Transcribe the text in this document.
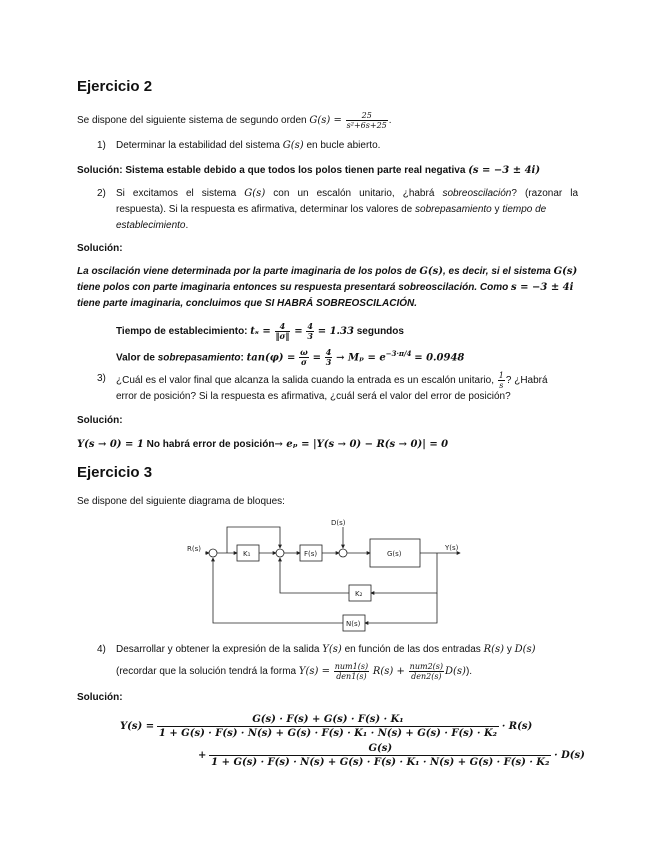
Ejercicio 2
Se dispone del siguiente sistema de segundo orden $G(s) = \frac{25}{\text{s²+6s+25}}$ .
1) Determinar la estabilidad del sistema G(s) en bucle abierto.
Solución: Sistema estable debido a que todos los polos tienen parte real negativa (s = −3 ± 4i)
2) Si excitamos el sistema G(s) con un escalón unitario, ¿habrá sobreoscilación? (razonar la
respuesta). Si la respuesta es afirmativa, determinar los valores de sobrepasamiento y tiempo de
establecimiento.
Solución:
La oscilación viene determinada por la parte imaginaria de los polos de G(s), es decir, si el sistema G(s)
tiene polos con parte imaginaria entonces su respuesta presentará sobreoscilación. Como s = −3 ± 4i
tiene parte imaginaria, concluimos que SI HABRÁ SOBREOSCILACIÓN.
Tiempo de establecimiento: $t_s = \frac{4}{‖\sigma‖} = \frac{4}{3} = 1.33$ segundos
Valor de sobrepasamiento: $\tan(\varphi) = \frac{\omega}{\sigma} = \frac{4}{3} \to M_p = e^{-3\cdot\pi/4} = 0.0948$
3) ¿Cuál es el valor final que alcanza la salida cuando la entrada es un escalón unitario, $\frac{1}{s}$ ? ¿Habrá
error de posición? Si la respuesta es afirmativa, ¿cuál será el valor del error de posición?
Solución:
Y(s → 0) = 1 No habrá error de posición→ eₚ = |Y(s → 0) − R(s → 0)| = 0
Ejercicio 3
Se dispone del siguiente diagrama de bloques:
R(s)
K₁	F(s)
D(s)
G(s)
Y(s)
K₂
N(s)
4) Desarrollar y obtener la expresión de la salida Y(s) en función de las dos entradas R(s) y D(s)
(recordar que la solución tendrá la forma $Y(s) = \frac{\text{num1(s)}}{\text{den1(s)}} R(s) + \frac{\text{num2(s)}}{\text{den2(s)}} D(s)$).
Solución:
Y(s) =
G(s) · F(s) + G(s) · F(s) · K₁
1 + G(s) · F(s) · N(s) + G(s) · F(s) · K₁ · N(s) + G(s) · F(s) · K₂
· R(s)
+
G(s)
1 + G(s) · F(s) · N(s) + G(s) · F(s) · K₁ · N(s) + G(s) · F(s) · K₂
· D(s)
